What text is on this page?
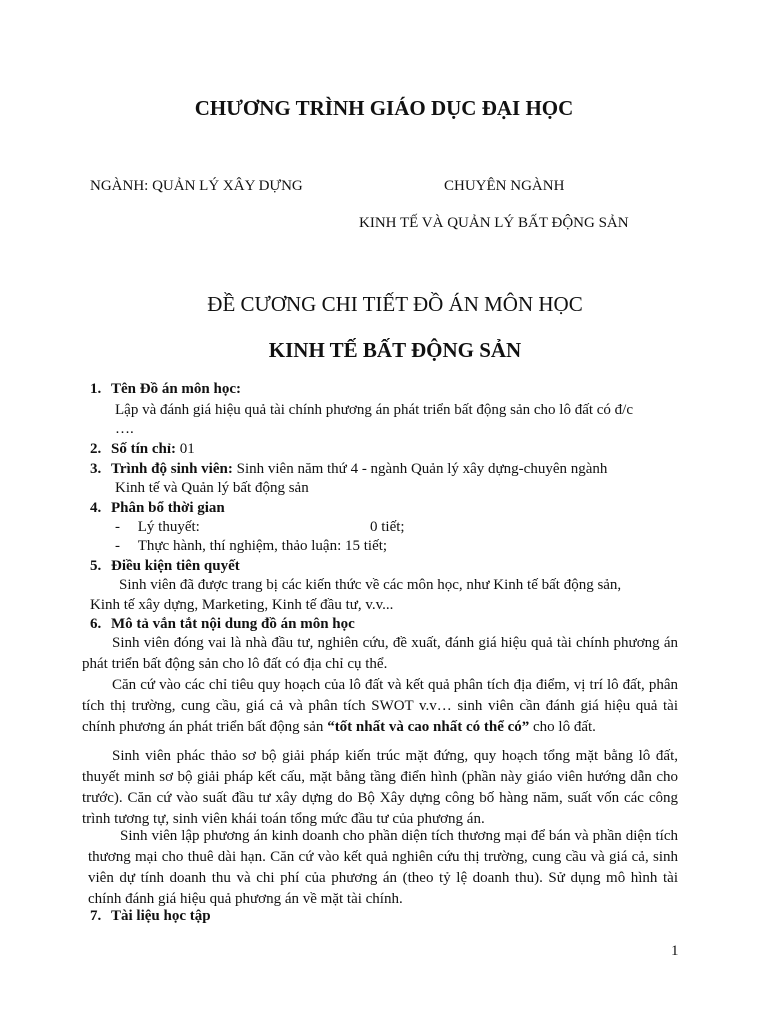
CHƯƠNG TRÌNH GIÁO DỤC ĐẠI HỌC
NGÀNH: QUẢN LÝ XÂY DỰNG	CHUYÊN NGÀNH
KINH TẾ VÀ QUẢN LÝ BẤT ĐỘNG SẢN
ĐỀ CƯƠNG CHI TIẾT ĐỒ ÁN MÔN HỌC
KINH TẾ BẤT ĐỘNG SẢN
1. Tên Đồ án môn học:
Lập và đánh giá hiệu quả tài chính phương án phát triển bất động sản cho lô đất có đ/c
….
2. Số tín chỉ: 01
3. Trình độ sinh viên: Sinh viên năm thứ 4 - ngành Quản lý xây dựng-chuyên ngành
Kinh tế và Quản lý bất động sản
4. Phân bổ thời gian
- Lý thuyết:	0 tiết;
- Thực hành, thí nghiệm, thảo luận: 15 tiết;
5. Điều kiện tiên quyết
Sinh viên đã được trang bị các kiến thức về các môn học, như Kinh tế bất động sản,
Kinh tế xây dựng, Marketing, Kinh tế đầu tư, v.v...
6. Mô tả vắn tắt nội dung đồ án môn học
Sinh viên đóng vai là nhà đầu tư, nghiên cứu, đề xuất, đánh giá hiệu quả tài chính phương án phát triển bất động sản cho lô đất có địa chỉ cụ thể.
Căn cứ vào các chỉ tiêu quy hoạch của lô đất và kết quả phân tích địa điểm, vị trí lô đất, phân tích thị trường, cung cầu, giá cả và phân tích SWOT v.v… sinh viên cần đánh giá hiệu quả tài chính phương án phát triển bất động sản “tốt nhất và cao nhất có thể có” cho lô đất.
Sinh viên phác thảo sơ bộ giải pháp kiến trúc mặt đứng, quy hoạch tổng mặt bằng lô đất, thuyết minh sơ bộ giải pháp kết cấu, mặt bằng tầng điển hình (phần này giáo viên hướng dẫn cho trước). Căn cứ vào suất đầu tư xây dựng do Bộ Xây dựng công bố hàng năm, suất vốn các công trình tương tự, sinh viên khái toán tổng mức đầu tư của phương án.
Sinh viên lập phương án kinh doanh cho phần diện tích thương mại để bán và phần diện tích thương mại cho thuê dài hạn. Căn cứ vào kết quả nghiên cứu thị trường, cung cầu và giá cả, sinh viên dự tính doanh thu và chi phí của phương án (theo tỷ lệ doanh thu). Sử dụng mô hình tài chính đánh giá hiệu quả phương án về mặt tài chính.
7. Tài liệu học tập
1
